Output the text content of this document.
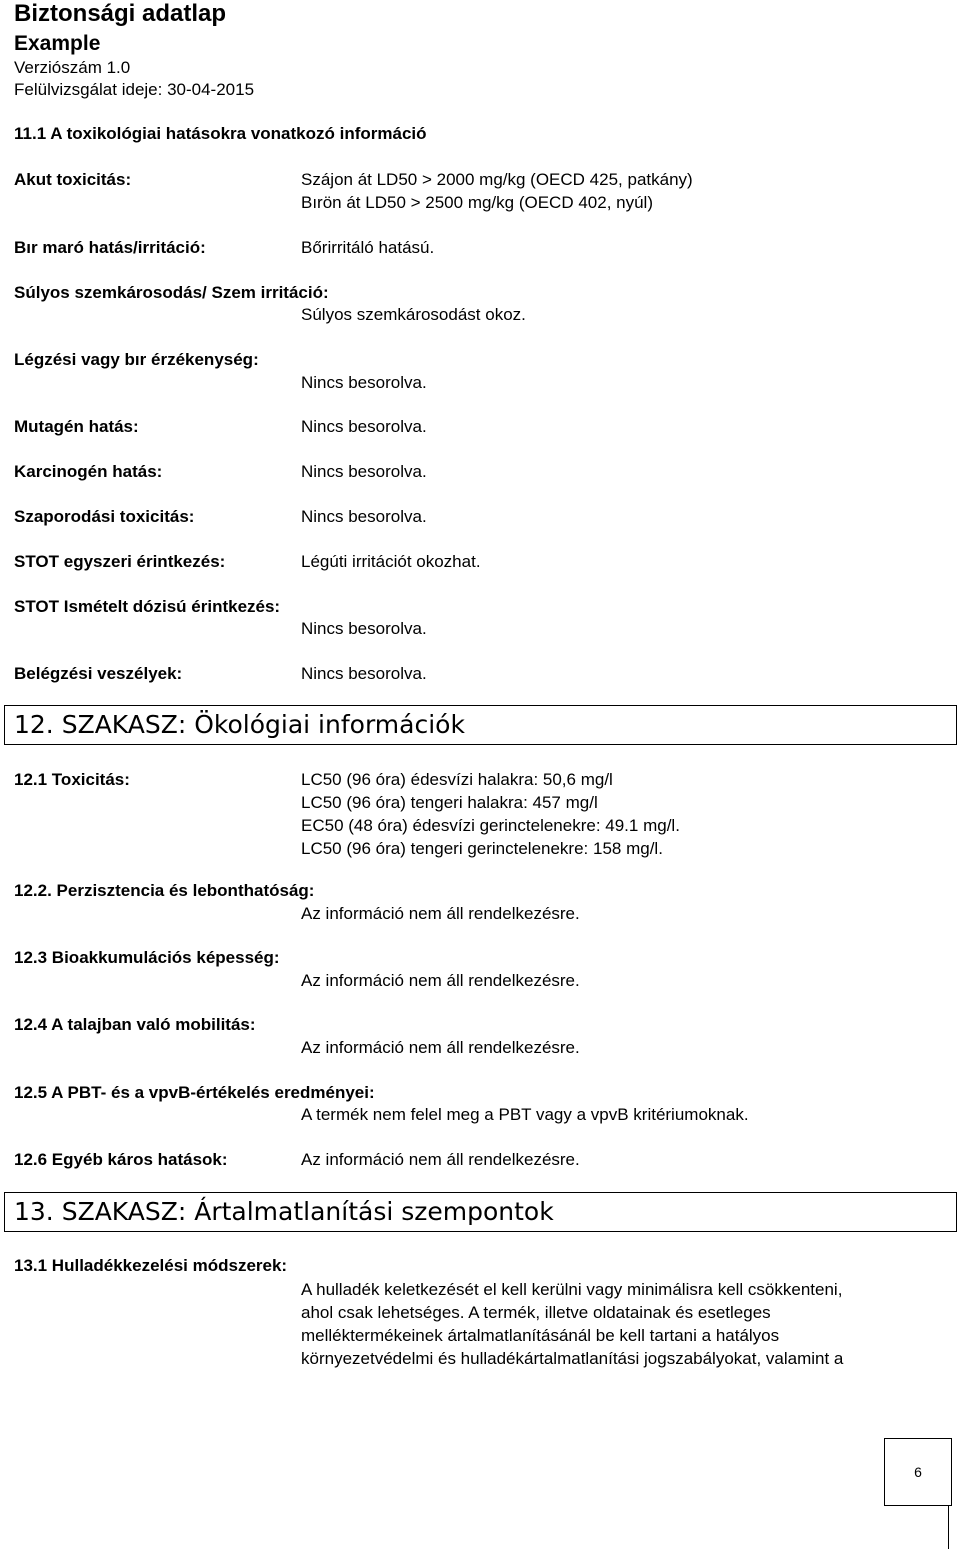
Biztonsági adatlap
Example
Verziószám 1.0
Felülvizsgálat ideje: 30-04-2015
11.1 A toxikológiai hatásokra vonatkozó információ
Akut toxicitás:	Szájon át LD50 > 2000 mg/kg (OECD 425, patkány)
Bırön át LD50 > 2500 mg/kg (OECD 402, nyúl)
Bır maró hatás/irritáció:	Bőrirritáló hatású.
Súlyos szemkárosodás/ Szem irritáció:
Súlyos szemkárosodást okoz.
Légzési vagy bır érzékenység:
Nincs besorolva.
Mutagén hatás:	Nincs besorolva.
Karcinogén hatás:	Nincs besorolva.
Szaporodási toxicitás:	Nincs besorolva.
STOT egyszeri érintkezés:	Légúti irritációt okozhat.
STOT Ismételt dózisú érintkezés:
Nincs besorolva.
Belégzési veszélyek:	Nincs besorolva.
12. SZAKASZ: Ökológiai információk
12.1 Toxicitás:	LC50 (96 óra) édesvízi halakra: 50,6 mg/l
LC50 (96 óra) tengeri halakra: 457 mg/l
EC50 (48 óra) édesvízi gerinctelenekre: 49.1 mg/l.
LC50 (96 óra) tengeri gerinctelenekre: 158 mg/l.
12.2. Perzisztencia és lebonthatóság:
Az információ nem áll rendelkezésre.
12.3 Bioakkumulációs képesség:
Az információ nem áll rendelkezésre.
12.4 A talajban való mobilitás:
Az információ nem áll rendelkezésre.
12.5 A PBT- és a vpvB-értékelés eredményei:
A termék nem felel meg a PBT vagy a vpvB kritériumoknak.
12.6 Egyéb káros hatások:	Az információ nem áll rendelkezésre.
13. SZAKASZ: Ártalmatlanítási szempontok
13.1 Hulladékkezelési módszerek:
A hulladék keletkezését el kell kerülni vagy minimálisra kell csökkenteni,
ahol csak lehetséges. A termék, illetve oldatainak és esetleges
melléktermékeinek ártalmatlanításánál be kell tartani a hatályos
környezetvédelmi és hulladékártalmatlanítási jogszabályokat, valamint a
6
